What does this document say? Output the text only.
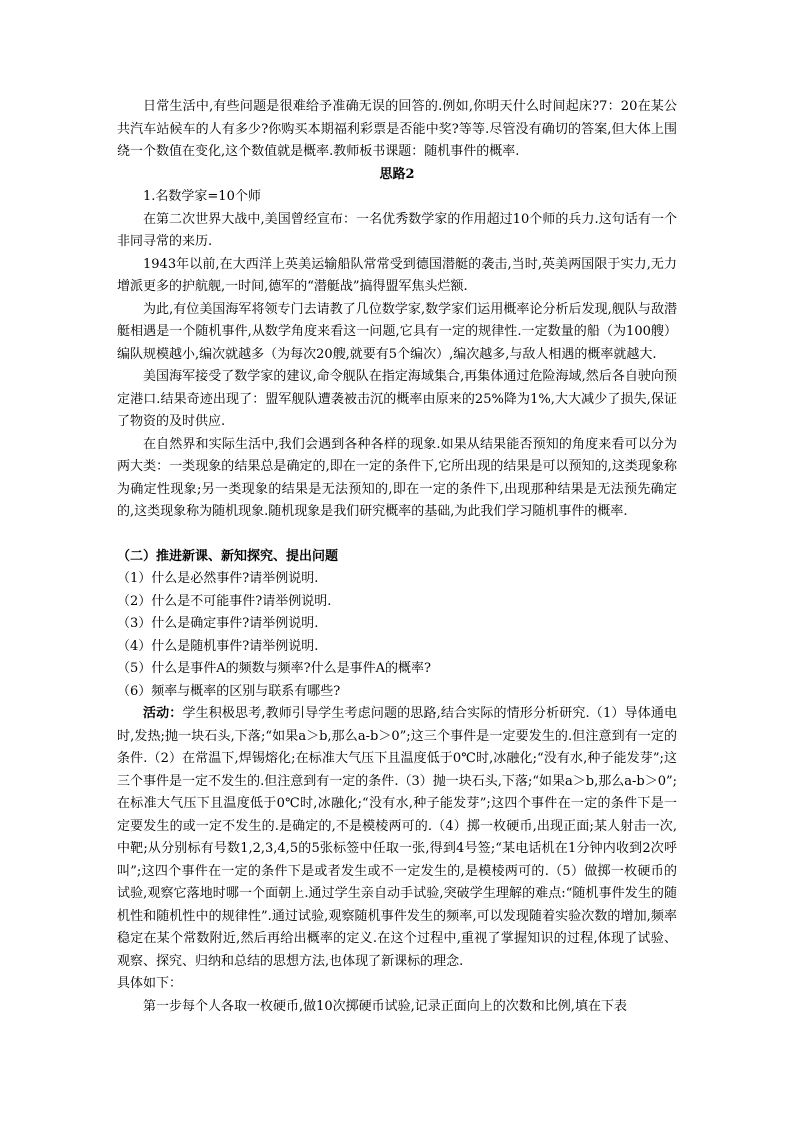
日常生活中,有些问题是很难给予准确无误的回答的.例如,你明天什么时间起床?7：20在某公共汽车站候车的人有多少?你购买本期福利彩票是否能中奖?等等.尽管没有确切的答案,但大体上围绕一个数值在变化,这个数值就是概率.教师板书课题：随机事件的概率.

思路2

1.名数学家=10个师

在第二次世界大战中,美国曾经宣布：一名优秀数学家的作用超过10个师的兵力.这句话有一个非同寻常的来历.

1943年以前,在大西洋上英美运输船队常常受到德国潜艇的袭击,当时,英美两国限于实力,无力增派更多的护航舰,一时间,德军的“潜艇战”搞得盟军焦头烂额.

为此,有位美国海军将领专门去请教了几位数学家,数学家们运用概率论分析后发现,舰队与敌潜艇相遇是一个随机事件,从数学角度来看这一问题,它具有一定的规律性.一定数量的船（为100艘）编队规模越小,编次就越多（为每次20艘,就要有5个编次）,编次越多,与敌人相遇的概率就越大.

美国海军接受了数学家的建议,命令舰队在指定海域集合,再集体通过危险海域,然后各自驶向预定港口.结果奇迹出现了：盟军舰队遭袭被击沉的概率由原来的25%降为1%,大大减少了损失,保证了物资的及时供应.

在自然界和实际生活中,我们会遇到各种各样的现象.如果从结果能否预知的角度来看可以分为两大类：一类现象的结果总是确定的,即在一定的条件下,它所出现的结果是可以预知的,这类现象称为确定性现象;另一类现象的结果是无法预知的,即在一定的条件下,出现那种结果是无法预先确定的,这类现象称为随机现象.随机现象是我们研究概率的基础,为此我们学习随机事件的概率.

（二）推进新课、新知探究、提出问题

（1）什么是必然事件?请举例说明.

（2）什么是不可能事件?请举例说明.

（3）什么是确定事件?请举例说明.

（4）什么是随机事件?请举例说明.

（5）什么是事件A的频数与频率?什么是事件A的概率?

（6）频率与概率的区别与联系有哪些?

活动：学生积极思考,教师引导学生考虑问题的思路,结合实际的情形分析研究.（1）导体通电时,发热;抛一块石头,下落;“如果a＞b,那么a-b＞0”;这三个事件是一定要发生的.但注意到有一定的条件.（2）在常温下,焊锡熔化;在标准大气压下且温度低于0℃时,冰融化;“没有水,种子能发芽”;这三个事件是一定不发生的.但注意到有一定的条件.（3）抛一块石头,下落;“如果a＞b,那么a-b＞0”;在标准大气压下且温度低于0℃时,冰融化;“没有水,种子能发芽”;这四个事件在一定的条件下是一定要发生的或一定不发生的.是确定的,不是模棱两可的.（4）掷一枚硬币,出现正面;某人射击一次,中靶;从分别标有号数1,2,3,4,5的5张标签中任取一张,得到4号签;“某电话机在1分钟内收到2次呼叫”;这四个事件在一定的条件下是或者发生或不一定发生的,是模棱两可的.（5）做掷一枚硬币的试验,观察它落地时哪一个面朝上.通过学生亲自动手试验,突破学生理解的难点:“随机事件发生的随机性和随机性中的规律性”.通过试验,观察随机事件发生的频率,可以发现随着实验次数的增加,频率稳定在某个常数附近,然后再给出概率的定义.在这个过程中,重视了掌握知识的过程,体现了试验、观察、探究、归纳和总结的思想方法,也体现了新课标的理念.

具体如下：

第一步每个人各取一枚硬币,做10次掷硬币试验,记录正面向上的次数和比例,填在下表
